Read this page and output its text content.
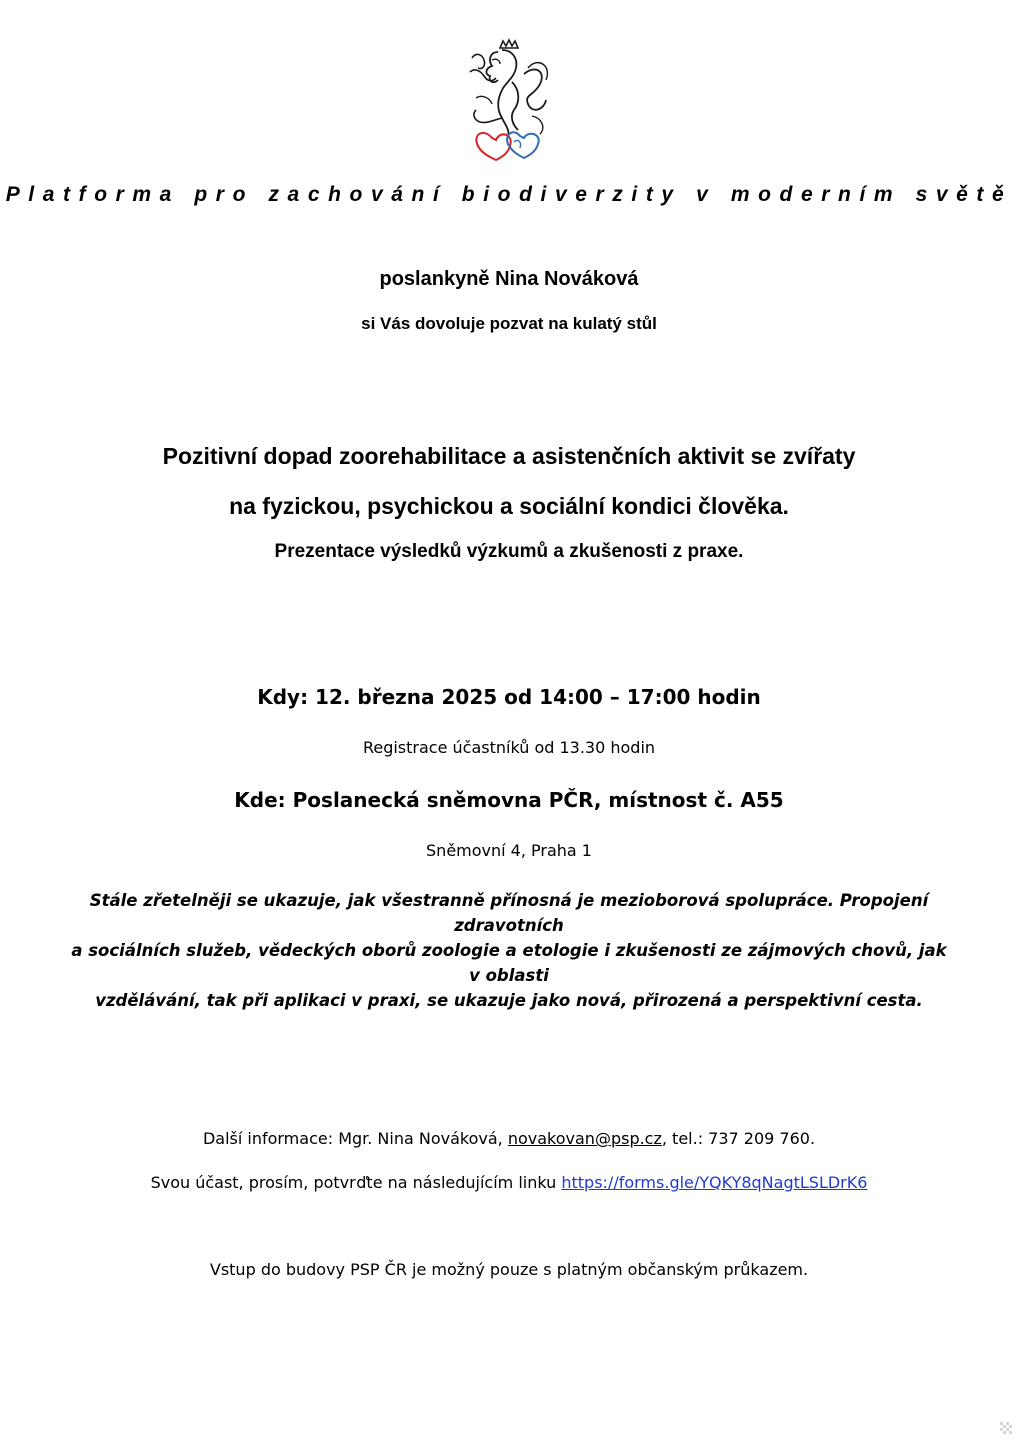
Platforma pro zachování biodiverzity v moderním světě
poslankyně Nina Nováková
si Vás dovoluje pozvat na kulatý stůl
Pozitivní dopad zoorehabilitace a asistenčních aktivit se zvířaty
na fyzickou, psychickou a sociální kondici člověka.
Prezentace výsledků výzkumů a zkušenosti z praxe.
Kdy: 12. března 2025 od 14:00 – 17:00 hodin
Registrace účastníků od 13.30 hodin
Kde: Poslanecká sněmovna PČR, místnost č. A55
Sněmovní 4, Praha 1
Stále zřetelněji se ukazuje, jak všestranně přínosná je mezioborová spolupráce. Propojení zdravotních
a sociálních služeb, vědeckých oborů zoologie a etologie i zkušenosti ze zájmových chovů, jak v oblasti
vzdělávání, tak při aplikaci v praxi, se ukazuje jako nová, přirozená a perspektivní cesta.
Další informace: Mgr. Nina Nováková, novakovan@psp.cz, tel.: 737 209 760.
Svou účast, prosím, potvrďte na následujícím linku https://forms.gle/YQKY8qNagtLSLDrK6
Vstup do budovy PSP ČR je možný pouze s platným občanským průkazem.
